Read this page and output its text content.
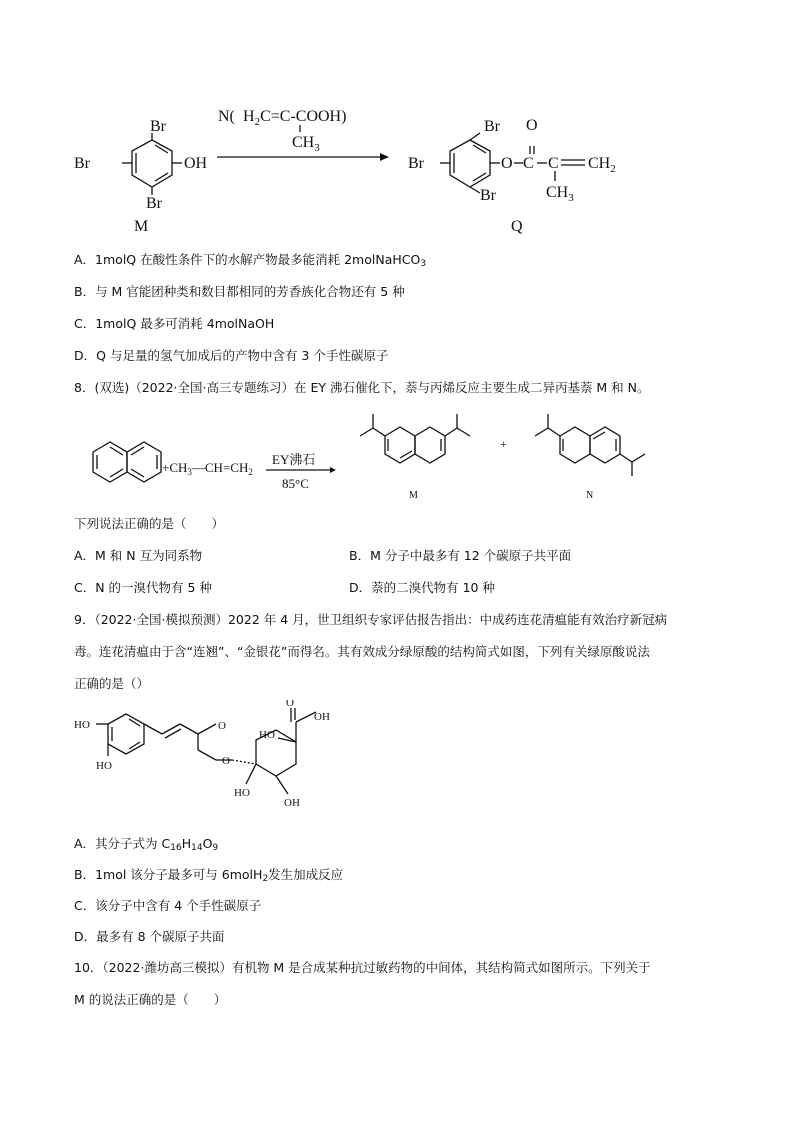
Br
OH
Br
Br
M
N( $H_2C=C-COOH$)
$CH_3$
Br
Br
Br	O C
O
C $CH_2$
$CH_3$
Q
A．1molQ 在酸性条件下的水解产物最多能消耗 2molNaHCO$_3$
B．与 M 官能团种类和数目都相同的芳香族化合物还有 5 种
C．1molQ 最多可消耗 4molNaOH
D．Q 与足量的氢气加成后的产物中含有 3 个手性碳原子
8．(双选)（2022·全国·高三专题练习）在 EY 沸石催化下，萘与丙烯反应主要生成二异丙基萘 M 和 N。
$+CH_3—CH=CH_2$
EY沸石
85°C
M
+
N
下列说法正确的是（　　）
A．M 和 N 互为同系物	B．M 分子中最多有 12 个碳原子共平面
C．N 的一溴代物有 5 种	D．萘的二溴代物有 10 种
9．（2022·全国·模拟预测）2022 年 4 月，世卫组织专家评估报告指出：中成药连花清瘟能有效治疗新冠病
毒。连花清瘟由于含“连翘”、“金银花”而得名。其有效成分绿原酸的结构简式如图，下列有关绿原酸说法
正确的是（）
HO
HO
O
O
O
OH
HO
HO
OH
A．其分子式为 $C_{16}H_{14}O_9$
B．1mol 该分子最多可与 6molH$_2$发生加成反应
C．该分子中含有 4 个手性碳原子
D．最多有 8 个碳原子共面
10．（2022·潍坊高三模拟）有机物 M 是合成某种抗过敏药物的中间体，其结构简式如图所示。下列关于
M 的说法正确的是（　　）
